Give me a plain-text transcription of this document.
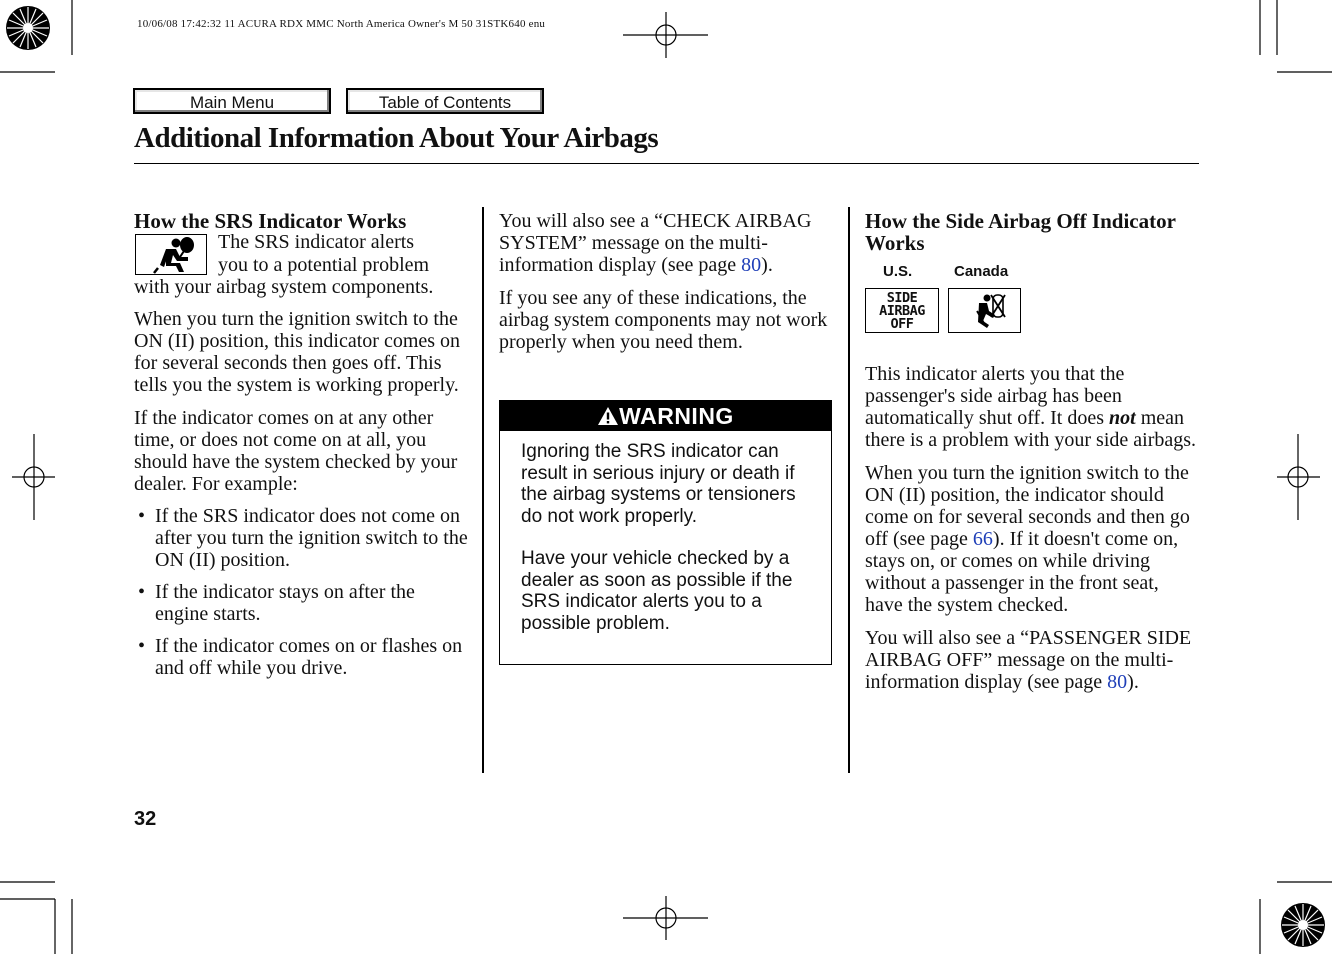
10/06/08 17:42:32 11 ACURA RDX MMC North America Owner's M 50 31STK640 enu
Main Menu	Table of Contents
Additional Information About Your Airbags
How the SRS Indicator Works
The SRS indicator alerts
you to a potential problem

with your airbag system components.

When you turn the ignition switch to the ON (II) position, this indicator comes on for several seconds then goes off. This tells you the system is working properly.

If the indicator comes on at any other time, or does not come on at all, you should have the system checked by your dealer. For example:

• If the SRS indicator does not come on after you turn the ignition switch to the ON (II) position.
• If the indicator stays on after the engine starts.
• If the indicator comes on or flashes on and off while you drive.

You will also see a “CHECK AIRBAG SYSTEM” message on the multi-information display (see page 80).

If you see any of these indications, the airbag system components may not work properly when you need them.

WARNING

Ignoring the SRS indicator can result in serious injury or death if the airbag systems or tensioners do not work properly.

Have your vehicle checked by a dealer as soon as possible if the SRS indicator alerts you to a possible problem.

How the Side Airbag Off Indicator Works
U.S.	Canada
SIDE
AIRBAG
OFF

This indicator alerts you that the passenger's side airbag has been automatically shut off. It does not mean there is a problem with your side airbags.

When you turn the ignition switch to the ON (II) position, the indicator should come on for several seconds and then go off (see page 66). If it doesn't come on, stays on, or comes on while driving without a passenger in the front seat, have the system checked.

You will also see a “PASSENGER SIDE AIRBAG OFF” message on the multi-information display (see page 80).

32
